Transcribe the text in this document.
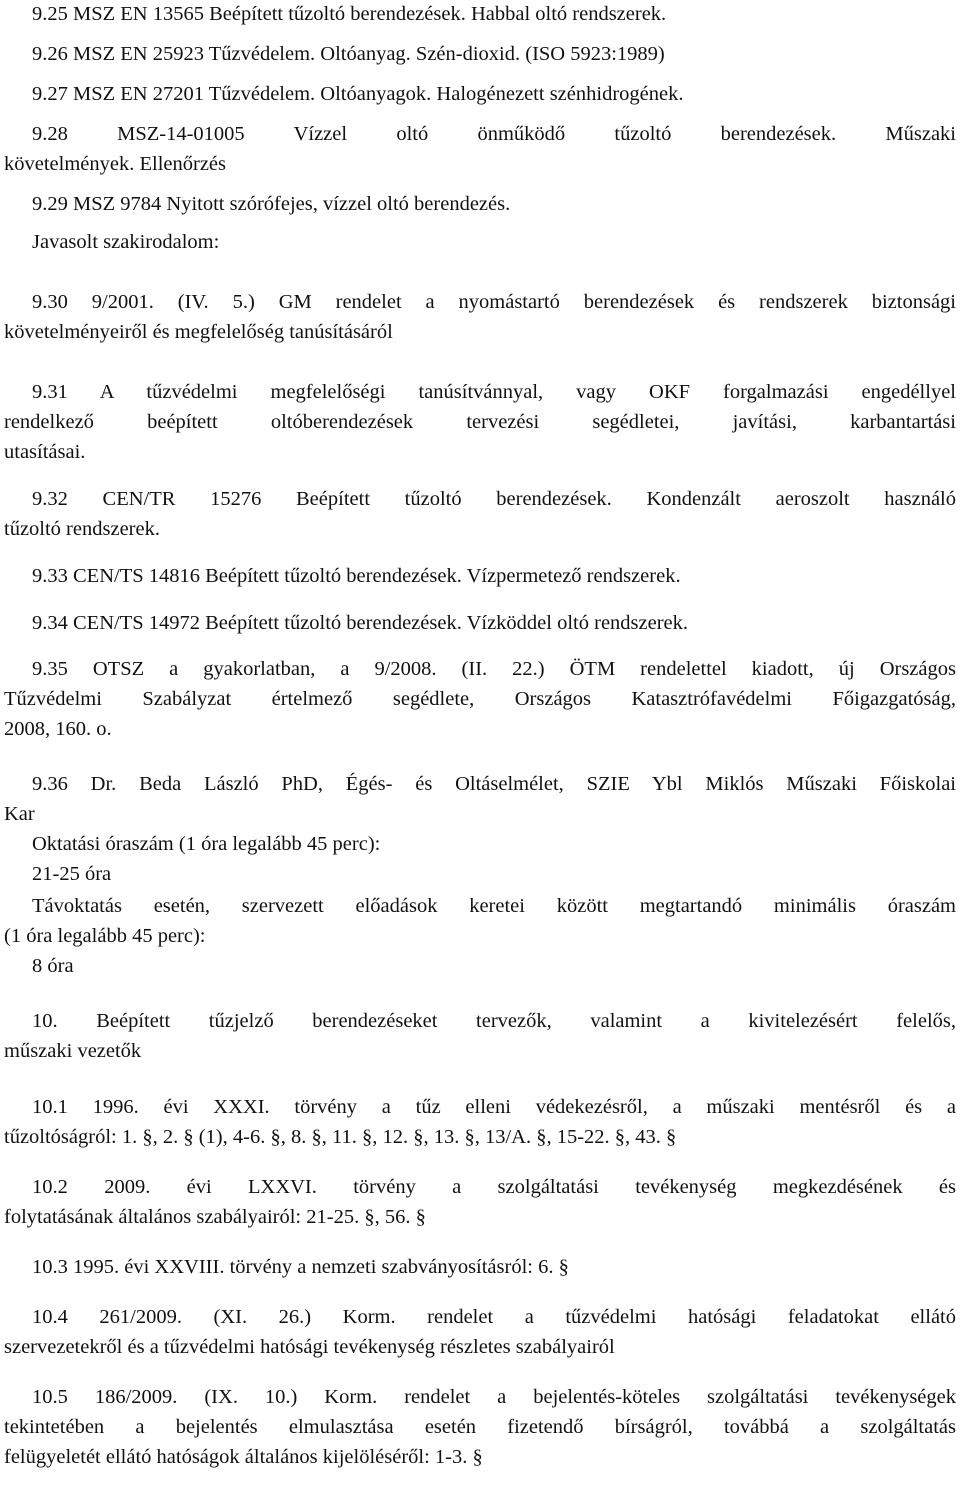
9.25 MSZ EN 13565 Beépített tűzoltó berendezések. Habbal oltó rendszerek.
9.26 MSZ EN 25923 Tűzvédelem. Oltóanyag. Szén-dioxid. (ISO 5923:1989)
9.27 MSZ EN 27201 Tűzvédelem. Oltóanyagok. Halogénezett szénhidrogének.
9.28 MSZ-14-01005 Vízzel oltó önműködő tűzoltó berendezések. Műszaki
követelmények. Ellenőrzés
9.29 MSZ 9784 Nyitott szórófejes, vízzel oltó berendezés.
Javasolt szakirodalom:
9.30 9/2001. (IV. 5.) GM rendelet a nyomástartó berendezések és rendszerek biztonsági
követelményeiről és megfelelőség tanúsításáról
9.31 A tűzvédelmi megfelelőségi tanúsítvánnyal, vagy OKF forgalmazási engedéllyel
rendelkező beépített oltóberendezések tervezési segédletei, javítási, karbantartási
utasításai.
9.32 CEN/TR 15276 Beépített tűzoltó berendezések. Kondenzált aeroszolt használó
tűzoltó rendszerek.
9.33 CEN/TS 14816 Beépített tűzoltó berendezések. Vízpermetező rendszerek.
9.34 CEN/TS 14972 Beépített tűzoltó berendezések. Vízköddel oltó rendszerek.
9.35 OTSZ a gyakorlatban, a 9/2008. (II. 22.) ÖTM rendelettel kiadott, új Országos
Tűzvédelmi Szabályzat értelmező segédlete, Országos Katasztrófavédelmi Főigazgatóság,
2008, 160. o.
9.36 Dr. Beda László PhD, Égés- és Oltáselmélet, SZIE Ybl Miklós Műszaki Főiskolai
Kar
Oktatási óraszám (1 óra legalább 45 perc):
21-25 óra
Távoktatás esetén, szervezett előadások keretei között megtartandó minimális óraszám
(1 óra legalább 45 perc):
8 óra
10. Beépített tűzjelző berendezéseket tervezők, valamint a kivitelezésért felelős,
műszaki vezetők
10.1 1996. évi XXXI. törvény a tűz elleni védekezésről, a műszaki mentésről és a
tűzoltóságról: 1. §, 2. § (1), 4-6. §, 8. §, 11. §, 12. §, 13. §, 13/A. §, 15-22. §, 43. §
10.2 2009. évi LXXVI. törvény a szolgáltatási tevékenység megkezdésének és
folytatásának általános szabályairól: 21-25. §, 56. §
10.3 1995. évi XXVIII. törvény a nemzeti szabványosításról: 6. §
10.4 261/2009. (XI. 26.) Korm. rendelet a tűzvédelmi hatósági feladatokat ellátó
szervezetekről és a tűzvédelmi hatósági tevékenység részletes szabályairól
10.5 186/2009. (IX. 10.) Korm. rendelet a bejelentés-köteles szolgáltatási tevékenységek
tekintetében a bejelentés elmulasztása esetén fizetendő bírságról, továbbá a szolgáltatás
felügyeletét ellátó hatóságok általános kijelöléséről: 1-3. §
